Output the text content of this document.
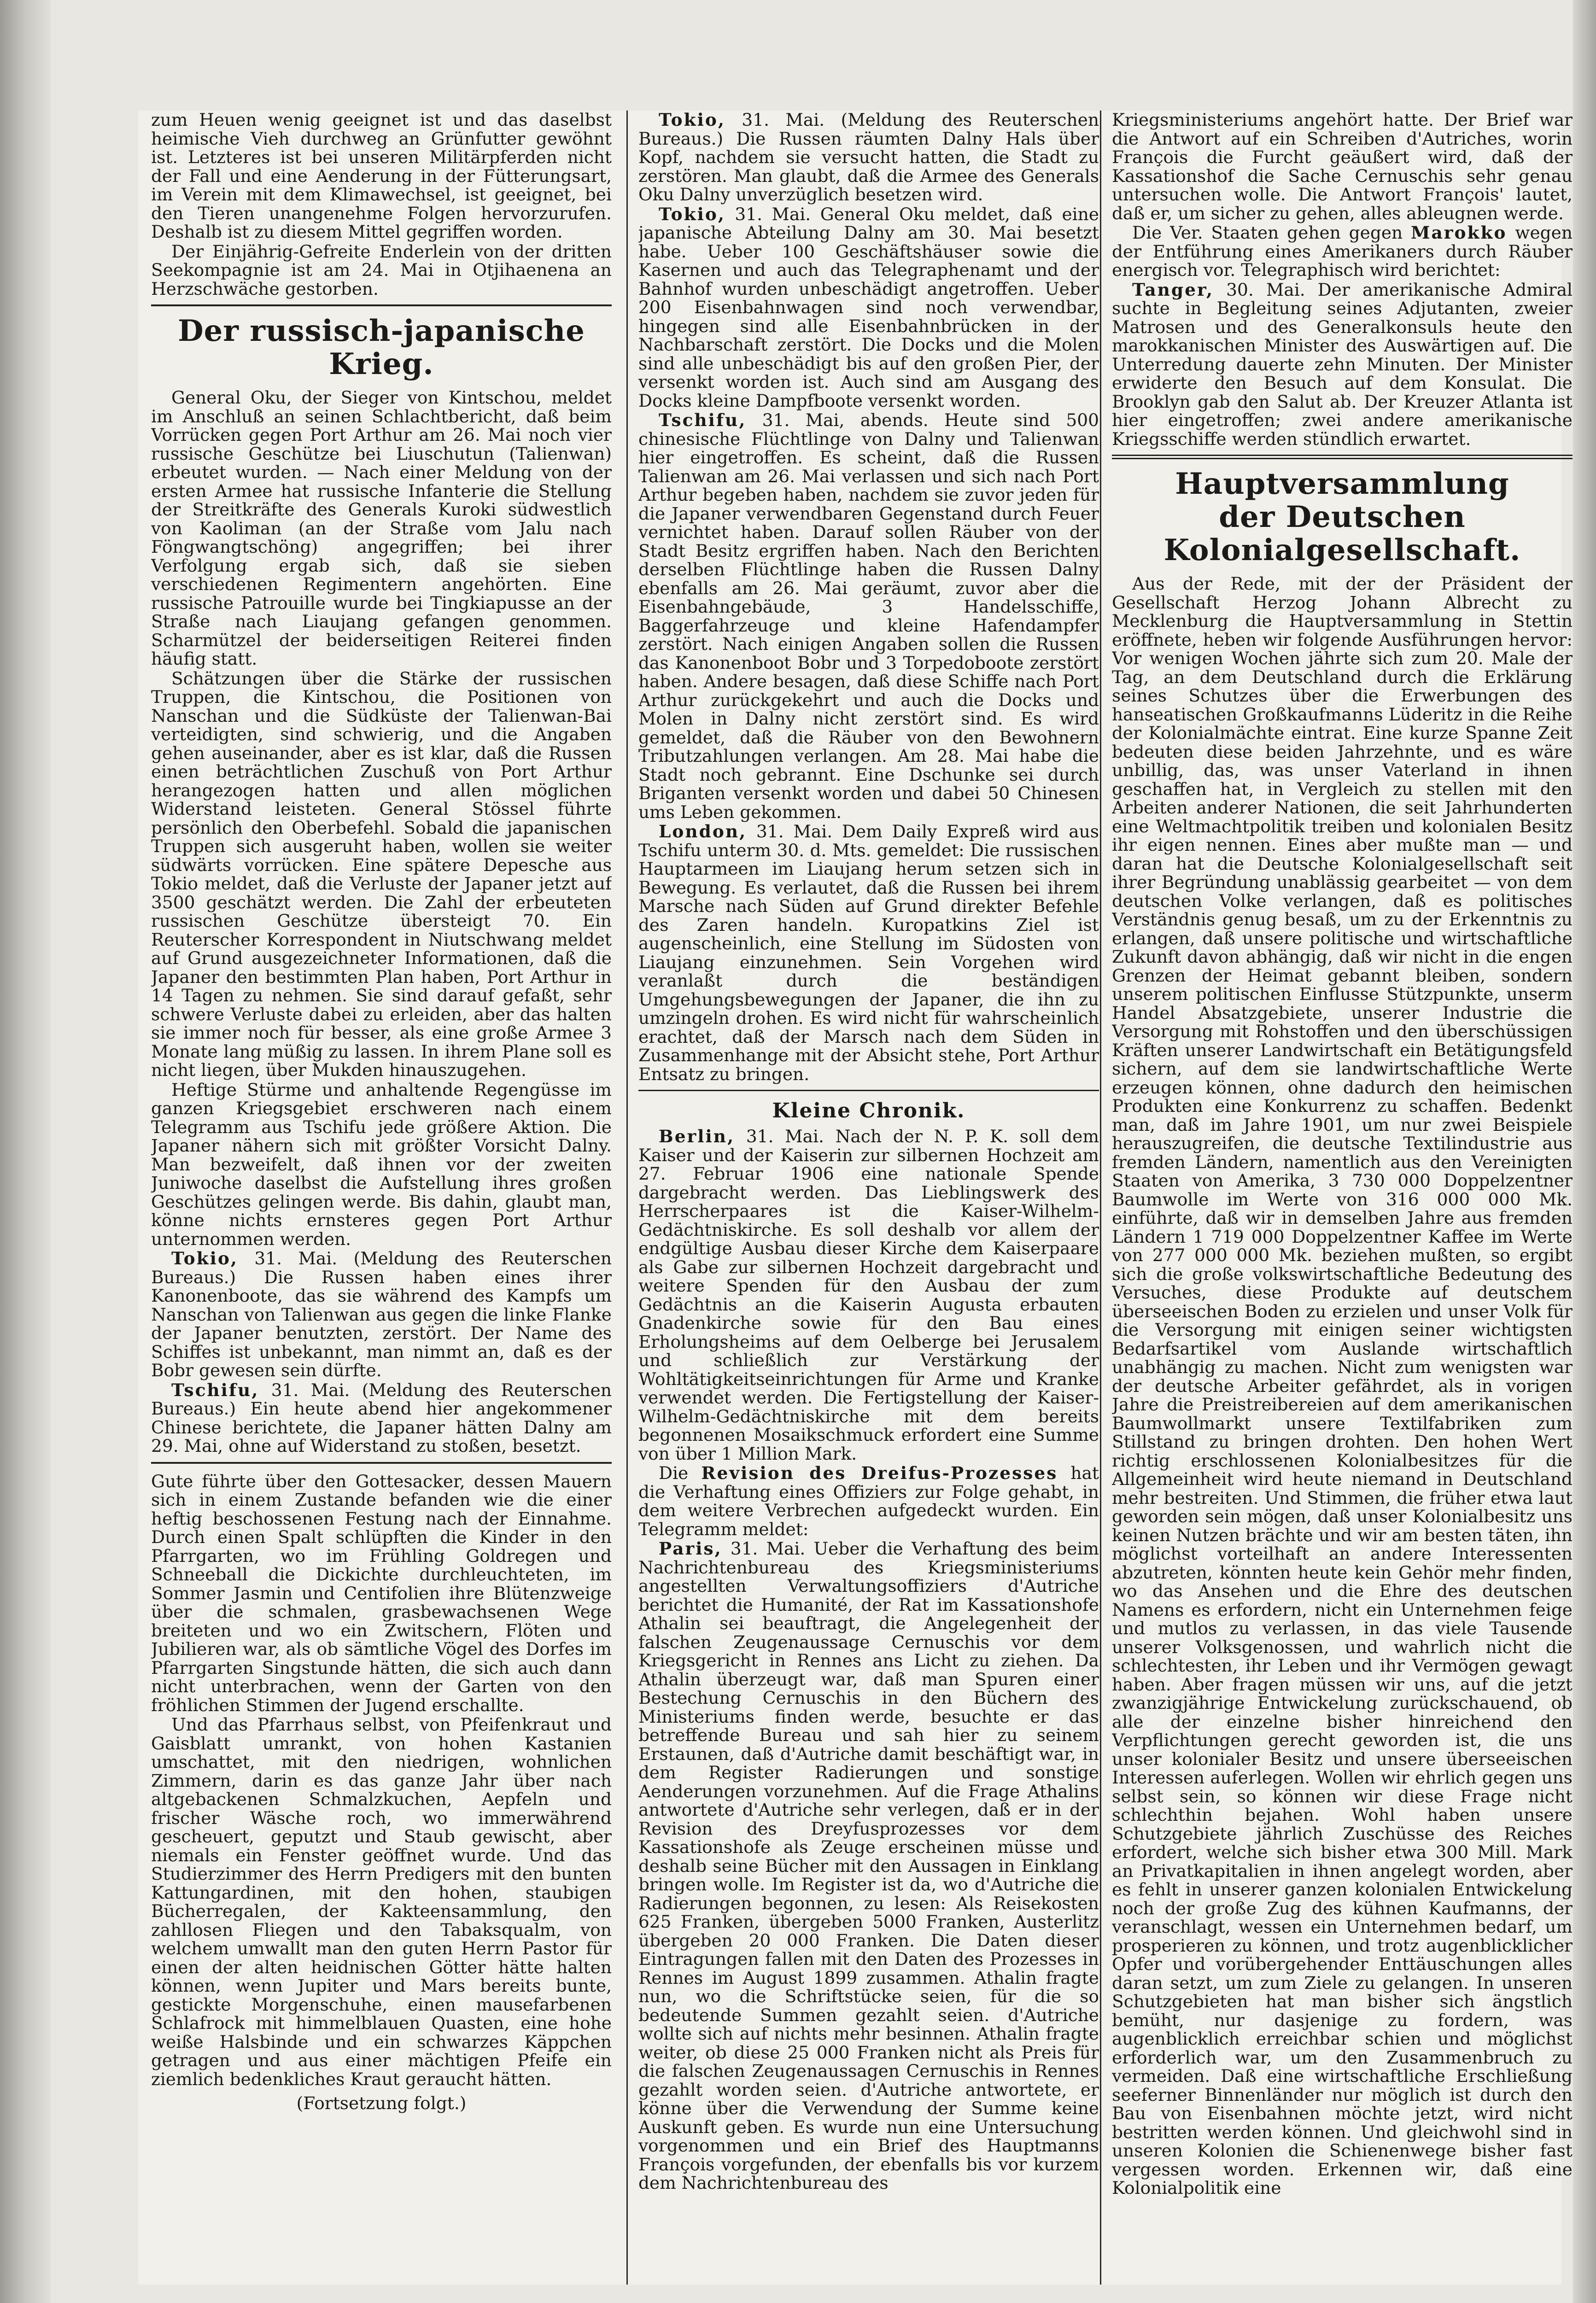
zum Heuen wenig geeignet ist und das daselbst heimische Vieh durchweg an Grünfutter gewöhnt ist. Letzteres ist bei unseren Militärpferden nicht der Fall und eine Aenderung in der Fütterungsart, im Verein mit dem Klimawechsel, ist geeignet, bei den Tieren unangenehme Folgen hervorzurufen. Deshalb ist zu diesem Mittel gegriffen worden.

Der Einjährig-Gefreite Enderlein von der dritten Seekompagnie ist am 24. Mai in Otjihaenena an Herzschwäche gestorben.

Der russisch-japanische Krieg.

General Oku, der Sieger von Kintschou, meldet im Anschluß an seinen Schlachtbericht, daß beim Vorrücken gegen Port Arthur am 26. Mai noch vier russische Geschütze bei Liuschutun (Talienwan) erbeutet wurden. — Nach einer Meldung von der ersten Armee hat russische Infanterie die Stellung der Streitkräfte des Generals Kuroki südwestlich von Kaoliman (an der Straße vom Jalu nach Föngwangtschöng) angegriffen; bei ihrer Verfolgung ergab sich, daß sie sieben verschiedenen Regimentern angehörten. Eine russische Patrouille wurde bei Tingkiapusse an der Straße nach Liaujang gefangen genommen. Scharmützel der beiderseitigen Reiterei finden häufig statt.

Schätzungen über die Stärke der russischen Truppen, die Kintschou, die Positionen von Nanschan und die Südküste der Talienwan-Bai verteidigten, sind schwierig, und die Angaben gehen auseinander, aber es ist klar, daß die Russen einen beträchtlichen Zuschuß von Port Arthur herangezogen hatten und allen möglichen Widerstand leisteten. General Stössel führte persönlich den Oberbefehl. Sobald die japanischen Truppen sich ausgeruht haben, wollen sie weiter südwärts vorrücken. Eine spätere Depesche aus Tokio meldet, daß die Verluste der Japaner jetzt auf 3500 geschätzt werden. Die Zahl der erbeuteten russischen Geschütze übersteigt 70. Ein Reuterscher Korrespondent in Niutschwang meldet auf Grund ausgezeichneter Informationen, daß die Japaner den bestimmten Plan haben, Port Arthur in 14 Tagen zu nehmen. Sie sind darauf gefaßt, sehr schwere Verluste dabei zu erleiden, aber das halten sie immer noch für besser, als eine große Armee 3 Monate lang müßig zu lassen. In ihrem Plane soll es nicht liegen, über Mukden hinauszugehen.

Heftige Stürme und anhaltende Regengüsse im ganzen Kriegsgebiet erschweren nach einem Telegramm aus Tschifu jede größere Aktion. Die Japaner nähern sich mit größter Vorsicht Dalny. Man bezweifelt, daß ihnen vor der zweiten Juniwoche daselbst die Aufstellung ihres großen Geschützes gelingen werde. Bis dahin, glaubt man, könne nichts ernsteres gegen Port Arthur unternommen werden.

Tokio, 31. Mai. (Meldung des Reuterschen Bureaus.) Die Russen haben eines ihrer Kanonenboote, das sie während des Kampfs um Nanschan von Talienwan aus gegen die linke Flanke der Japaner benutzten, zerstört. Der Name des Schiffes ist unbekannt, man nimmt an, daß es der Bobr gewesen sein dürfte.

Tschifu, 31. Mai. (Meldung des Reuterschen Bureaus.) Ein heute abend hier angekommener Chinese berichtete, die Japaner hätten Dalny am 29. Mai, ohne auf Widerstand zu stoßen, besetzt.

Gute führte über den Gottesacker, dessen Mauern sich in einem Zustande befanden wie die einer heftig beschossenen Festung nach der Einnahme. Durch einen Spalt schlüpften die Kinder in den Pfarrgarten, wo im Frühling Goldregen und Schneeball die Dickichte durchleuchteten, im Sommer Jasmin und Centifolien ihre Blütenzweige über die schmalen, grasbewachsenen Wege breiteten und wo ein Zwitschern, Flöten und Jubilieren war, als ob sämtliche Vögel des Dorfes im Pfarrgarten Singstunde hätten, die sich auch dann nicht unterbrachen, wenn der Garten von den fröhlichen Stimmen der Jugend erschallte.

Und das Pfarrhaus selbst, von Pfeifenkraut und Gaisblatt umrankt, von hohen Kastanien umschattet, mit den niedrigen, wohnlichen Zimmern, darin es das ganze Jahr über nach altgebackenen Schmalzkuchen, Aepfeln und frischer Wäsche roch, wo immerwährend gescheuert, geputzt und Staub gewischt, aber niemals ein Fenster geöffnet wurde. Und das Studierzimmer des Herrn Predigers mit den bunten Kattungardinen, mit den hohen, staubigen Bücherregalen, der Kakteensammlung, den zahllosen Fliegen und den Tabaksqualm, von welchem umwallt man den guten Herrn Pastor für einen der alten heidnischen Götter hätte halten können, wenn Jupiter und Mars bereits bunte, gestickte Morgenschuhe, einen mausefarbenen Schlafrock mit himmelblauen Quasten, eine hohe weiße Halsbinde und ein schwarzes Käppchen getragen und aus einer mächtigen Pfeife ein ziemlich bedenkliches Kraut geraucht hätten.

(Fortsetzung folgt.)

Tokio, 31. Mai. (Meldung des Reuterschen Bureaus.) Die Russen räumten Dalny Hals über Kopf, nachdem sie versucht hatten, die Stadt zu zerstören. Man glaubt, daß die Armee des Generals Oku Dalny unverzüglich besetzen wird.

Tokio, 31. Mai. General Oku meldet, daß eine japanische Abteilung Dalny am 30. Mai besetzt habe. Ueber 100 Geschäftshäuser sowie die Kasernen und auch das Telegraphenamt und der Bahnhof wurden unbeschädigt angetroffen. Ueber 200 Eisenbahnwagen sind noch verwendbar, hingegen sind alle Eisenbahnbrücken in der Nachbarschaft zerstört. Die Docks und die Molen sind alle unbeschädigt bis auf den großen Pier, der versenkt worden ist. Auch sind am Ausgang des Docks kleine Dampfboote versenkt worden.

Tschifu, 31. Mai, abends. Heute sind 500 chinesische Flüchtlinge von Dalny und Talienwan hier eingetroffen. Es scheint, daß die Russen Talienwan am 26. Mai verlassen und sich nach Port Arthur begeben haben, nachdem sie zuvor jeden für die Japaner verwendbaren Gegenstand durch Feuer vernichtet haben. Darauf sollen Räuber von der Stadt Besitz ergriffen haben. Nach den Berichten derselben Flüchtlinge haben die Russen Dalny ebenfalls am 26. Mai geräumt, zuvor aber die Eisenbahngebäude, 3 Handelsschiffe, Baggerfahrzeuge und kleine Hafendampfer zerstört. Nach einigen Angaben sollen die Russen das Kanonenboot Bobr und 3 Torpedoboote zerstört haben. Andere besagen, daß diese Schiffe nach Port Arthur zurückgekehrt und auch die Docks und Molen in Dalny nicht zerstört sind. Es wird gemeldet, daß die Räuber von den Bewohnern Tributzahlungen verlangen. Am 28. Mai habe die Stadt noch gebrannt. Eine Dschunke sei durch Briganten versenkt worden und dabei 50 Chinesen ums Leben gekommen.

London, 31. Mai. Dem Daily Expreß wird aus Tschifu unterm 30. d. Mts. gemeldet: Die russischen Hauptarmeen im Liaujang herum setzen sich in Bewegung. Es verlautet, daß die Russen bei ihrem Marsche nach Süden auf Grund direkter Befehle des Zaren handeln. Kuropatkins Ziel ist augenscheinlich, eine Stellung im Südosten von Liaujang einzunehmen. Sein Vorgehen wird veranlaßt durch die beständigen Umgehungsbewegungen der Japaner, die ihn zu umzingeln drohen. Es wird nicht für wahrscheinlich erachtet, daß der Marsch nach dem Süden in Zusammenhange mit der Absicht stehe, Port Arthur Entsatz zu bringen.

Kleine Chronik.

Berlin, 31. Mai. Nach der N. P. K. soll dem Kaiser und der Kaiserin zur silbernen Hochzeit am 27. Februar 1906 eine nationale Spende dargebracht werden. Das Lieblingswerk des Herrscherpaares ist die Kaiser-Wilhelm-Gedächtniskirche. Es soll deshalb vor allem der endgültige Ausbau dieser Kirche dem Kaiserpaare als Gabe zur silbernen Hochzeit dargebracht und weitere Spenden für den Ausbau der zum Gedächtnis an die Kaiserin Augusta erbauten Gnadenkirche sowie für den Bau eines Erholungsheims auf dem Oelberge bei Jerusalem und schließlich zur Verstärkung der Wohltätigkeitseinrichtungen für Arme und Kranke verwendet werden. Die Fertigstellung der Kaiser-Wilhelm-Gedächtniskirche mit dem bereits begonnenen Mosaikschmuck erfordert eine Summe von über 1 Million Mark.

Die Revision des Dreifus-Prozesses hat die Verhaftung eines Offiziers zur Folge gehabt, in dem weitere Verbrechen aufgedeckt wurden. Ein Telegramm meldet:

Paris, 31. Mai. Ueber die Verhaftung des beim Nachrichtenbureau des Kriegsministeriums angestellten Verwaltungsoffiziers d'Autriche berichtet die Humanité, der Rat im Kassationshofe Athalin sei beauftragt, die Angelegenheit der falschen Zeugenaussage Cernuschis vor dem Kriegsgericht in Rennes ans Licht zu ziehen. Da Athalin überzeugt war, daß man Spuren einer Bestechung Cernuschis in den Büchern des Ministeriums finden werde, besuchte er das betreffende Bureau und sah hier zu seinem Erstaunen, daß d'Autriche damit beschäftigt war, in dem Register Radierungen und sonstige Aenderungen vorzunehmen. Auf die Frage Athalins antwortete d'Autriche sehr verlegen, daß er in der Revision des Dreyfusprozesses vor dem Kassationshofe als Zeuge erscheinen müsse und deshalb seine Bücher mit den Aussagen in Einklang bringen wolle. Im Register ist da, wo d'Autriche die Radierungen begonnen, zu lesen: Als Reisekosten 625 Franken, übergeben 5000 Franken, Austerlitz übergeben 20 000 Franken. Die Daten dieser Eintragungen fallen mit den Daten des Prozesses in Rennes im August 1899 zusammen. Athalin fragte nun, wo die Schriftstücke seien, für die so bedeutende Summen gezahlt seien. d'Autriche wollte sich auf nichts mehr besinnen. Athalin fragte weiter, ob diese 25 000 Franken nicht als Preis für die falschen Zeugenaussagen Cernuschis in Rennes gezahlt worden seien. d'Autriche antwortete, er könne über die Verwendung der Summe keine Auskunft geben. Es wurde nun eine Untersuchung vorgenommen und ein Brief des Hauptmanns François vorgefunden, der ebenfalls bis vor kurzem dem Nachrichtenbureau des

Kriegsministeriums angehört hatte. Der Brief war die Antwort auf ein Schreiben d'Autriches, worin François die Furcht geäußert wird, daß der Kassationshof die Sache Cernuschis sehr genau untersuchen wolle. Die Antwort François' lautet, daß er, um sicher zu gehen, alles ableugnen werde.

Die Ver. Staaten gehen gegen Marokko wegen der Entführung eines Amerikaners durch Räuber energisch vor. Telegraphisch wird berichtet:

Tanger, 30. Mai. Der amerikanische Admiral suchte in Begleitung seines Adjutanten, zweier Matrosen und des Generalkonsuls heute den marokkanischen Minister des Auswärtigen auf. Die Unterredung dauerte zehn Minuten. Der Minister erwiderte den Besuch auf dem Konsulat. Die Brooklyn gab den Salut ab. Der Kreuzer Atlanta ist hier eingetroffen; zwei andere amerikanische Kriegsschiffe werden stündlich erwartet.

Hauptversammlung
der Deutschen Kolonialgesellschaft.

Aus der Rede, mit der der Präsident der Gesellschaft Herzog Johann Albrecht zu Mecklenburg die Hauptversammlung in Stettin eröffnete, heben wir folgende Ausführungen hervor: Vor wenigen Wochen jährte sich zum 20. Male der Tag, an dem Deutschland durch die Erklärung seines Schutzes über die Erwerbungen des hanseatischen Großkaufmanns Lüderitz in die Reihe der Kolonialmächte eintrat. Eine kurze Spanne Zeit bedeuten diese beiden Jahrzehnte, und es wäre unbillig, das, was unser Vaterland in ihnen geschaffen hat, in Vergleich zu stellen mit den Arbeiten anderer Nationen, die seit Jahrhunderten eine Weltmachtpolitik treiben und kolonialen Besitz ihr eigen nennen. Eines aber mußte man — und daran hat die Deutsche Kolonialgesellschaft seit ihrer Begründung unablässig gearbeitet — von dem deutschen Volke verlangen, daß es politisches Verständnis genug besaß, um zu der Erkenntnis zu erlangen, daß unsere politische und wirtschaftliche Zukunft davon abhängig, daß wir nicht in die engen Grenzen der Heimat gebannt bleiben, sondern unserem politischen Einflusse Stützpunkte, unserm Handel Absatzgebiete, unserer Industrie die Versorgung mit Rohstoffen und den überschüssigen Kräften unserer Landwirtschaft ein Betätigungsfeld sichern, auf dem sie landwirtschaftliche Werte erzeugen können, ohne dadurch den heimischen Produkten eine Konkurrenz zu schaffen. Bedenkt man, daß im Jahre 1901, um nur zwei Beispiele herauszugreifen, die deutsche Textilindustrie aus fremden Ländern, namentlich aus den Vereinigten Staaten von Amerika, 3 730 000 Doppelzentner Baumwolle im Werte von 316 000 000 Mk. einführte, daß wir in demselben Jahre aus fremden Ländern 1 719 000 Doppelzentner Kaffee im Werte von 277 000 000 Mk. beziehen mußten, so ergibt sich die große volkswirtschaftliche Bedeutung des Versuches, diese Produkte auf deutschem überseeischen Boden zu erzielen und unser Volk für die Versorgung mit einigen seiner wichtigsten Bedarfsartikel vom Auslande wirtschaftlich unabhängig zu machen. Nicht zum wenigsten war der deutsche Arbeiter gefährdet, als in vorigen Jahre die Preistreibereien auf dem amerikanischen Baumwollmarkt unsere Textilfabriken zum Stillstand zu bringen drohten. Den hohen Wert richtig erschlossenen Kolonialbesitzes für die Allgemeinheit wird heute niemand in Deutschland mehr bestreiten. Und Stimmen, die früher etwa laut geworden sein mögen, daß unser Kolonialbesitz uns keinen Nutzen brächte und wir am besten täten, ihn möglichst vorteilhaft an andere Interessenten abzutreten, könnten heute kein Gehör mehr finden, wo das Ansehen und die Ehre des deutschen Namens es erfordern, nicht ein Unternehmen feige und mutlos zu verlassen, in das viele Tausende unserer Volksgenossen, und wahrlich nicht die schlechtesten, ihr Leben und ihr Vermögen gewagt haben. Aber fragen müssen wir uns, auf die jetzt zwanzigjährige Entwickelung zurückschauend, ob alle der einzelne bisher hinreichend den Verpflichtungen gerecht geworden ist, die uns unser kolonialer Besitz und unsere überseeischen Interessen auferlegen. Wollen wir ehrlich gegen uns selbst sein, so können wir diese Frage nicht schlechthin bejahen. Wohl haben unsere Schutzgebiete jährlich Zuschüsse des Reiches erfordert, welche sich bisher etwa 300 Mill. Mark an Privatkapitalien in ihnen angelegt worden, aber es fehlt in unserer ganzen kolonialen Entwickelung noch der große Zug des kühnen Kaufmanns, der veranschlagt, wessen ein Unternehmen bedarf, um prosperieren zu können, und trotz augenblicklicher Opfer und vorübergehender Enttäuschungen alles daran setzt, um zum Ziele zu gelangen. In unseren Schutzgebieten hat man bisher sich ängstlich bemüht, nur dasjenige zu fordern, was augenblicklich erreichbar schien und möglichst erforderlich war, um den Zusammenbruch zu vermeiden. Daß eine wirtschaftliche Erschließung seeferner Binnenländer nur möglich ist durch den Bau von Eisenbahnen möchte jetzt, wird nicht bestritten werden können. Und gleichwohl sind in unseren Kolonien die Schienenwege bisher fast vergessen worden. Erkennen wir, daß eine Kolonialpolitik eine
